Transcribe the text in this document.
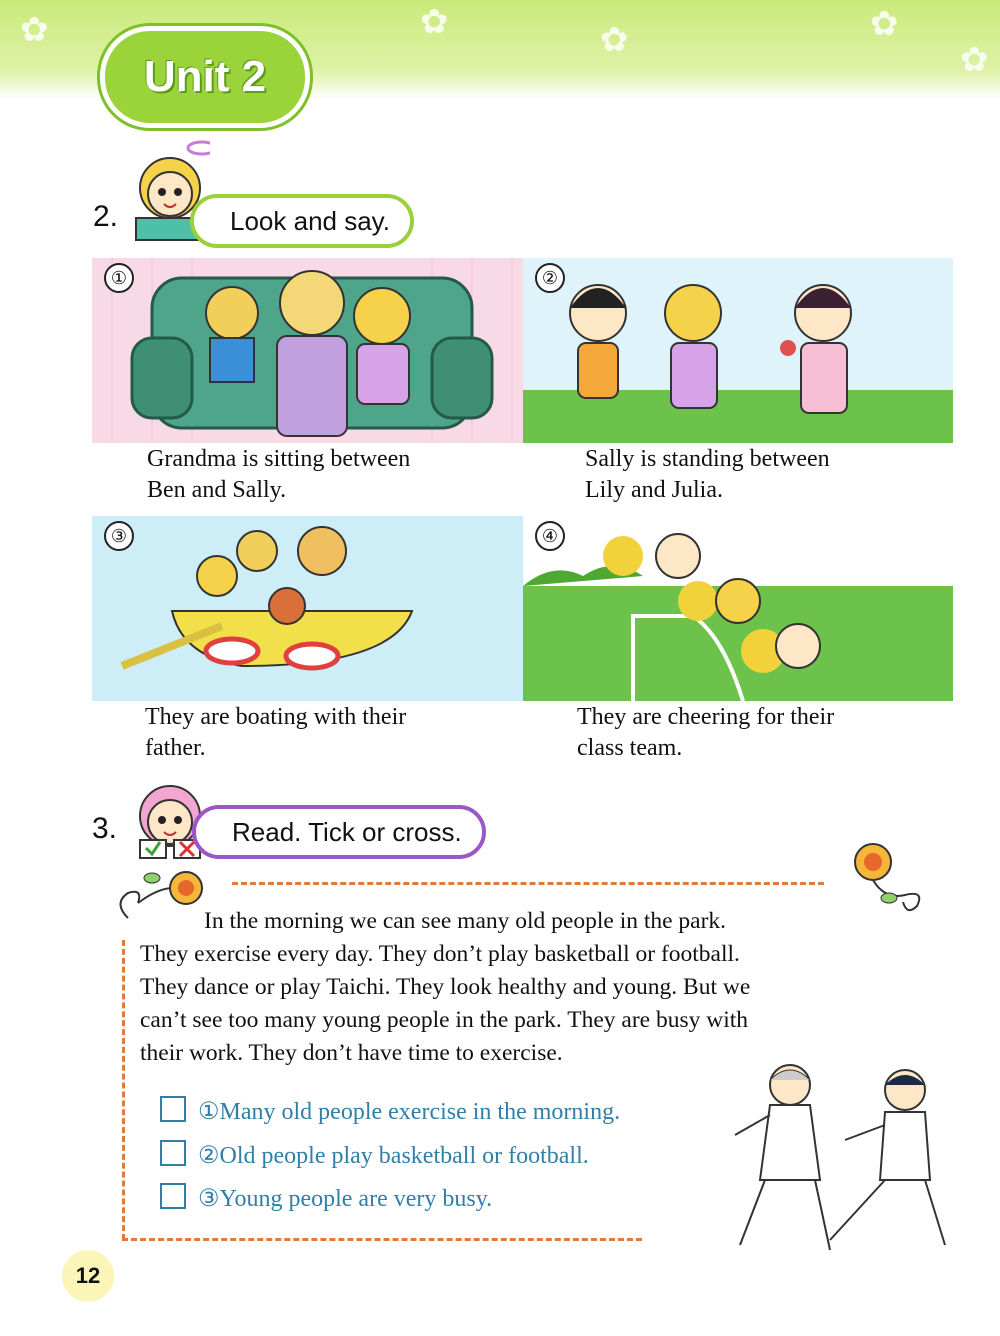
✿	✿	✿	✿
✿
Unit 2
2.	Look and say.
①	②
Grandma is sitting between
Ben and Sally.
Sally is standing between
Lily and Julia.
③	④
They are boating with their
father.
They are cheering for their
class team.
3.	Read. Tick or cross.
In the morning we can see many old people in the park.
They exercise every day. They don’t play basketball or football.
They dance or play Taichi. They look healthy and young. But we
can’t see too many young people in the park. They are busy with
their work. They don’t have time to exercise.
①Many old people exercise in the morning.
②Old people play basketball or football.
③Young people are very busy.
12
